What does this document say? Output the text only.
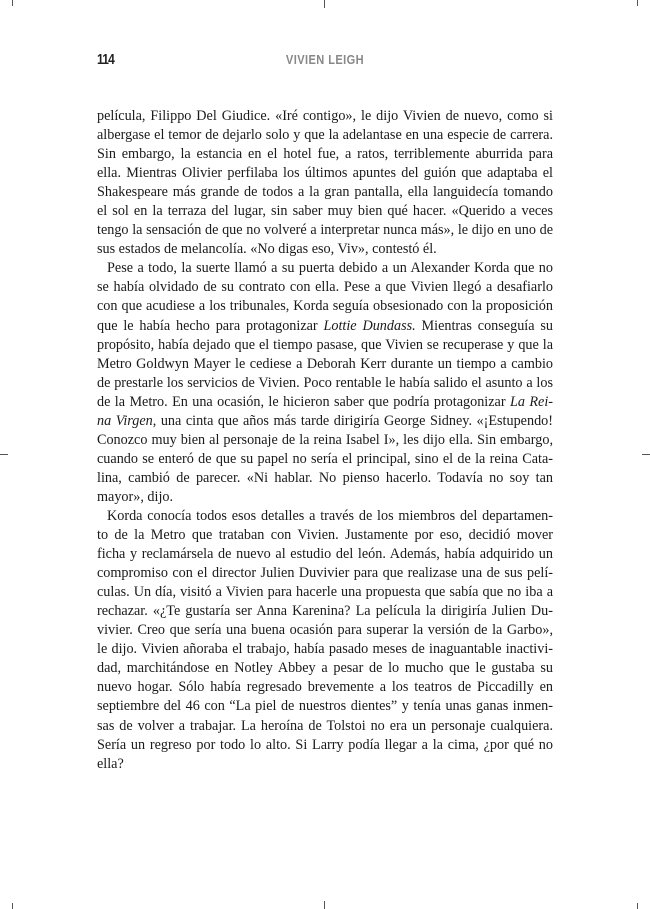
114	VIVIEN LEIGH
película, Filippo Del Giudice. «Iré contigo», le dijo Vivien de nuevo, como si
albergase el temor de dejarlo solo y que la adelantase en una especie de carrera.
Sin embargo, la estancia en el hotel fue, a ratos, terriblemente aburrida para
ella. Mientras Olivier perfilaba los últimos apuntes del guión que adaptaba el
Shakespeare más grande de todos a la gran pantalla, ella languidecía tomando
el sol en la terraza del lugar, sin saber muy bien qué hacer. «Querido a veces
tengo la sensación de que no volveré a interpretar nunca más», le dijo en uno de
sus estados de melancolía. «No digas eso, Viv», contestó él.
Pese a todo, la suerte llamó a su puerta debido a un Alexander Korda que no
se había olvidado de su contrato con ella. Pese a que Vivien llegó a desafiarlo
con que acudiese a los tribunales, Korda seguía obsesionado con la proposición
que le había hecho para protagonizar Lottie Dundass. Mientras conseguía su
propósito, había dejado que el tiempo pasase, que Vivien se recuperase y que la
Metro Goldwyn Mayer le cediese a Deborah Kerr durante un tiempo a cambio
de prestarle los servicios de Vivien. Poco rentable le había salido el asunto a los
de la Metro. En una ocasión, le hicieron saber que podría protagonizar La Rei-
na Virgen, una cinta que años más tarde dirigiría George Sidney. «¡Estupendo!
Conozco muy bien al personaje de la reina Isabel I», les dijo ella. Sin embargo,
cuando se enteró de que su papel no sería el principal, sino el de la reina Cata-
lina, cambió de parecer. «Ni hablar. No pienso hacerlo. Todavía no soy tan
mayor», dijo.
Korda conocía todos esos detalles a través de los miembros del departamen-
to de la Metro que trataban con Vivien. Justamente por eso, decidió mover
ficha y reclamársela de nuevo al estudio del león. Además, había adquirido un
compromiso con el director Julien Duvivier para que realizase una de sus pelí-
culas. Un día, visitó a Vivien para hacerle una propuesta que sabía que no iba a
rechazar. «¿Te gustaría ser Anna Karenina? La película la dirigiría Julien Du-
vivier. Creo que sería una buena ocasión para superar la versión de la Garbo»,
le dijo. Vivien añoraba el trabajo, había pasado meses de inaguantable inactivi-
dad, marchitándose en Notley Abbey a pesar de lo mucho que le gustaba su
nuevo hogar. Sólo había regresado brevemente a los teatros de Piccadilly en
septiembre del 46 con “La piel de nuestros dientes” y tenía unas ganas inmen-
sas de volver a trabajar. La heroína de Tolstoi no era un personaje cualquiera.
Sería un regreso por todo lo alto. Si Larry podía llegar a la cima, ¿por qué no
ella?
